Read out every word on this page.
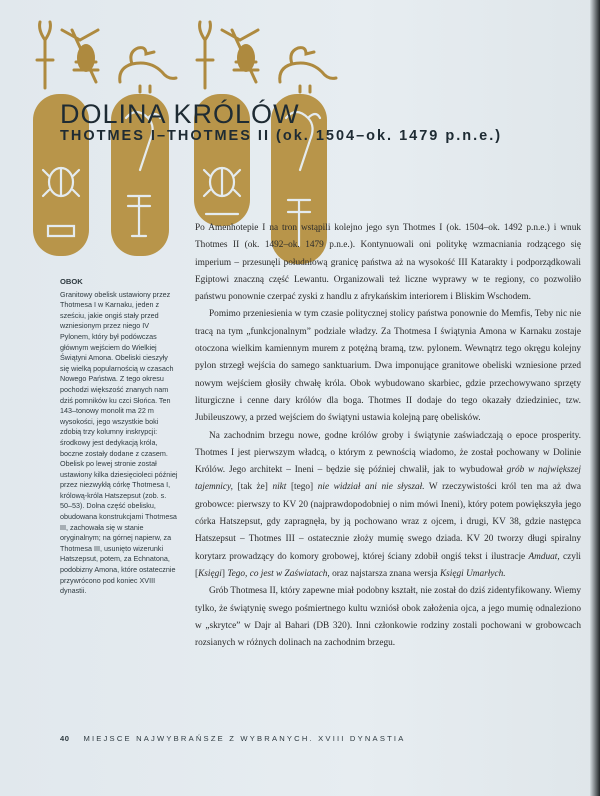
DOLINA KRÓLÓW
THOTMES I–THOTMES II (ok. 1504–ok. 1479 p.n.e.)

OBOK

Granitowy obelisk ustawiony przez Thotmesa I w Karnaku, jeden z sześciu, jakie ongiś stały przed wzniesionym przez niego IV Pylonem, który był podówczas głównym wejściem do Wielkiej Świątyni Amona. Obeliski cieszyły się wielką popularnością w czasach Nowego Państwa. Z tego okresu pochodzi większość znanych nam dziś pomników ku czci Słońca. Ten 143–tonowy monolit ma 22 m wysokości, jego wszystkie boki zdobią trzy kolumny inskrypcji: środkowy jest dedykacją króla, boczne zostały dodane z czasem. Obelisk po lewej stronie został ustawiony kilka dziesięcioleci później przez niezwykłą córkę Thotmesa I, królową-króla Hatszepsut (zob. s. 50–53). Dolna część obelisku, obudowana konstrukcjami Thotmesa III, zachowała się w stanie oryginalnym; na górnej napierw, za Thotmesa III, usunięto wizerunki Hatszepsut, potem, za Echnatona, podobizny Amona, które ostatecznie przywrócono pod koniec XVIII dynastii.

Po Amenhotepie I na tron wstąpili kolejno jego syn Thotmes I (ok. 1504–ok. 1492 p.n.e.) i wnuk Thotmes II (ok. 1492–ok. 1479 p.n.e.). Kontynuowali oni politykę wzmacniania rodzącego się imperium – przesunęli południową granicę państwa aż na wysokość III Katarakty i podporządkowali Egiptowi znaczną część Lewantu. Organizowali też liczne wyprawy w te regiony, co pozwoliło państwu ponownie czerpać zyski z handlu z afrykańskim interiorem i Bliskim Wschodem.

Pomimo przeniesienia w tym czasie politycznej stolicy państwa ponownie do Memfis, Teby nic nie tracą na tym „funkcjonalnym” podziale władzy. Za Thotmesa I świątynia Amona w Karnaku zostaje otoczona wielkim kamiennym murem z potężną bramą, tzw. pylonem. Wewnątrz tego okręgu kolejny pylon strzegł wejścia do samego sanktuarium. Dwa imponujące granitowe obeliski wzniesione przed nowym wejściem głosiły chwałę króla. Obok wybudowano skarbiec, gdzie przechowywano sprzęty liturgiczne i cenne dary królów dla boga. Thotmes II dodaje do tego okazały dziedziniec, tzw. Jubileuszowy, a przed wejściem do świątyni ustawia kolejną parę obelisków.

Na zachodnim brzegu nowe, godne królów groby i świątynie zaświadczają o epoce prosperity. Thotmes I jest pierwszym władcą, o którym z pewnością wiadomo, że został pochowany w Dolinie Królów. Jego architekt – Ineni – będzie się później chwalił, jak to wybudował grób w największej tajemnicy, [tak że] nikt [tego] nie widział ani nie słyszał. W rzeczywistości król ten ma aż dwa grobowce: pierwszy to KV 20 (najprawdopodobniej o nim mówi Ineni), który potem powiększyła jego córka Hatszepsut, gdy zapragnęła, by ją pochowano wraz z ojcem, i drugi, KV 38, gdzie następca Hatszepsut – Thotmes III – ostatecznie złoży mumię swego dziada. KV 20 tworzy długi spiralny korytarz prowadzący do komory grobowej, której ściany zdobił ongiś tekst i ilustracje Amduat, czyli [Księgi] Tego, co jest w Zaświatach, oraz najstarsza znana wersja Księgi Umarłych.

Grób Thotmesa II, który zapewne miał podobny kształt, nie został do dziś zidentyfikowany. Wiemy tylko, że świątynię swego pośmiertnego kultu wzniósł obok założenia ojca, a jego mumię odnaleziono w „skrytce” w Dajr al Bahari (DB 320). Inni członkowie rodziny zostali pochowani w grobowcach rozsianych w różnych dolinach na zachodnim brzegu.

40 MIEJSCE NAJWYBRAŃSZE Z WYBRANYCH. XVIII DYNASTIA
